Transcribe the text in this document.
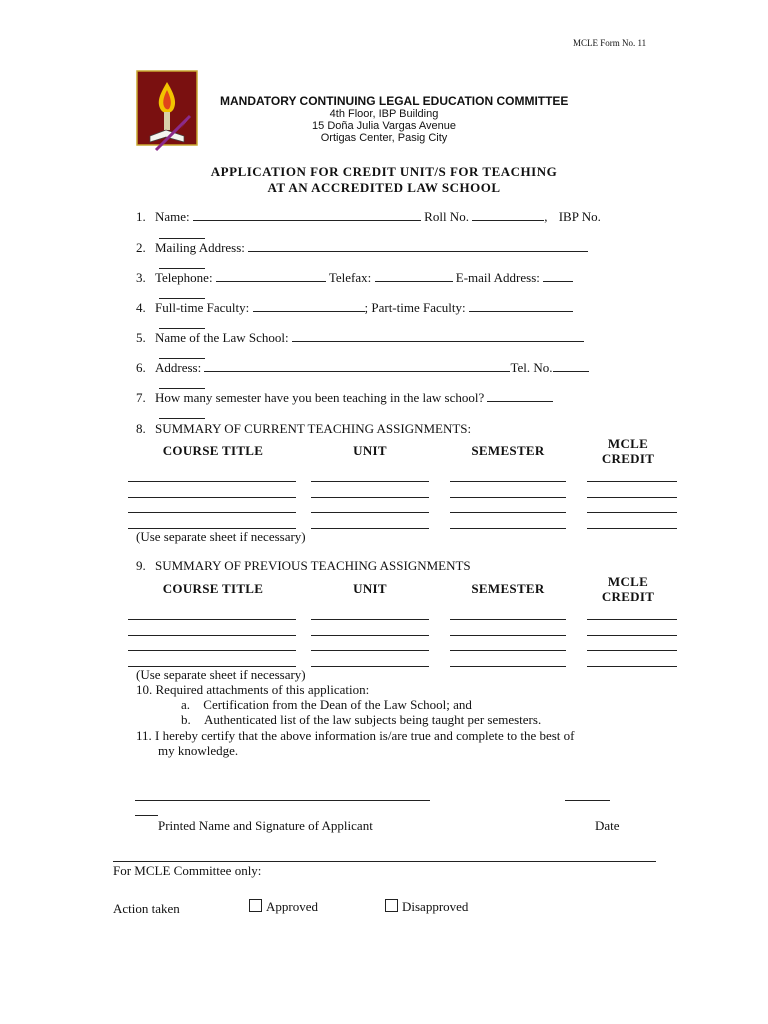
MCLE Form No. 11
MANDATORY CONTINUING LEGAL EDUCATION COMMITTEE
4th Floor, IBP Building
15 Doña Julia Vargas Avenue
Ortigas Center, Pasig City
APPLICATION FOR CREDIT UNIT/S FOR TEACHING
AT AN ACCREDITED LAW SCHOOL
1. Name:	Roll No.	, IBP No.
2. Mailing Address:
3. Telephone:	Telefax:	E-mail Address:
4. Full-time Faculty:	; Part-time Faculty:
5. Name of the Law School:
6. Address:	Tel. No.
7. How many semester have you been teaching in the law school?
8. SUMMARY OF CURRENT TEACHING ASSIGNMENTS:
COURSE TITLE	UNIT	SEMESTER	MCLE
CREDIT
(Use separate sheet if necessary)
9. SUMMARY OF PREVIOUS TEACHING ASSIGNMENTS
COURSE TITLE	UNIT	SEMESTER	MCLE
CREDIT
(Use separate sheet if necessary)
10. Required attachments of this application:
a. Certification from the Dean of the Law School; and
b. Authenticated list of the law subjects being taught per semesters.
11. I hereby certify that the above information is/are true and complete to the best of
my knowledge.
Printed Name and Signature of Applicant	Date
For MCLE Committee only:
Action taken	Approved	Disapproved
